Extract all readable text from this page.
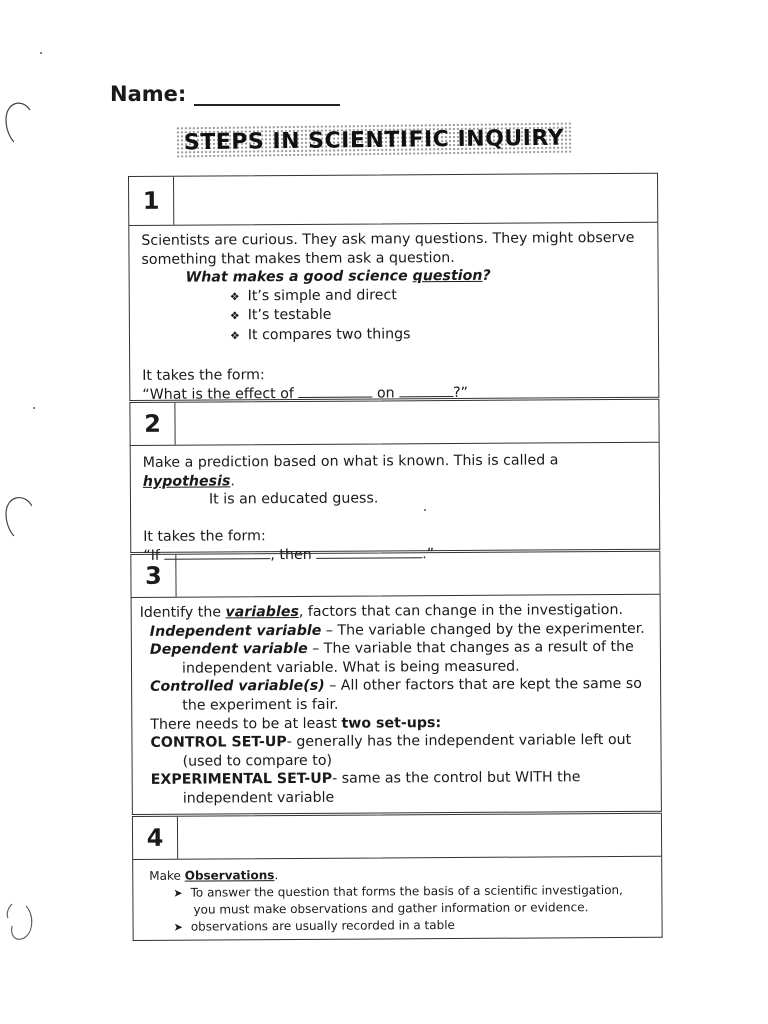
Name:
STEPS IN SCIENTIFIC INQUIRY
1
Scientists are curious. They ask many questions. They might observe
something that makes them ask a question.
What makes a good science question?
❖ It’s simple and direct
❖ It’s testable
❖ It compares two things
It takes the form:
“What is the effect of	on	?”
2
Make a prediction based on what is known. This is called a hypothesis.
It is an educated guess.
It takes the form:
“If	, then	.”
3
Identify the variables, factors that can change in the investigation.
Independent variable – The variable changed by the experimenter.
Dependent variable – The variable that changes as a result of the
independent variable. What is being measured.
Controlled variable(s) – All other factors that are kept the same so
the experiment is fair.
There needs to be at least two set-ups:
CONTROL SET-UP- generally has the independent variable left out
(used to compare to)
EXPERIMENTAL SET-UP- same as the control but WITH the
independent variable
4
Make Observations.
➤ To answer the question that forms the basis of a scientific investigation,
you must make observations and gather information or evidence.
➤ observations are usually recorded in a table
